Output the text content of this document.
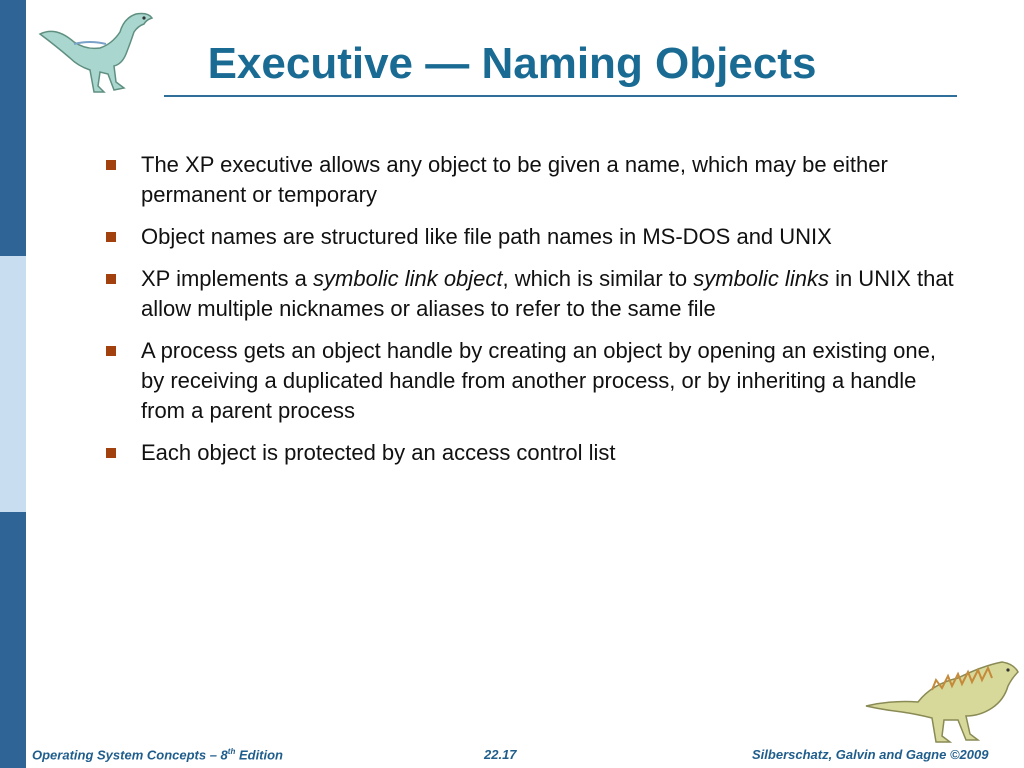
Executive — Naming Objects
The XP executive allows any object to be given a name, which may be either permanent or temporary
Object names are structured like file path names in MS-DOS and UNIX
XP implements a symbolic link object, which is similar to symbolic links in UNIX that allow multiple nicknames or aliases to refer to the same file
A process gets an object handle by creating an object by opening an existing one, by receiving a duplicated handle from another process, or by inheriting a handle from a parent process
Each object is protected by an access control list
Operating System Concepts – 8th Edition	22.17	Silberschatz, Galvin and Gagne ©2009
